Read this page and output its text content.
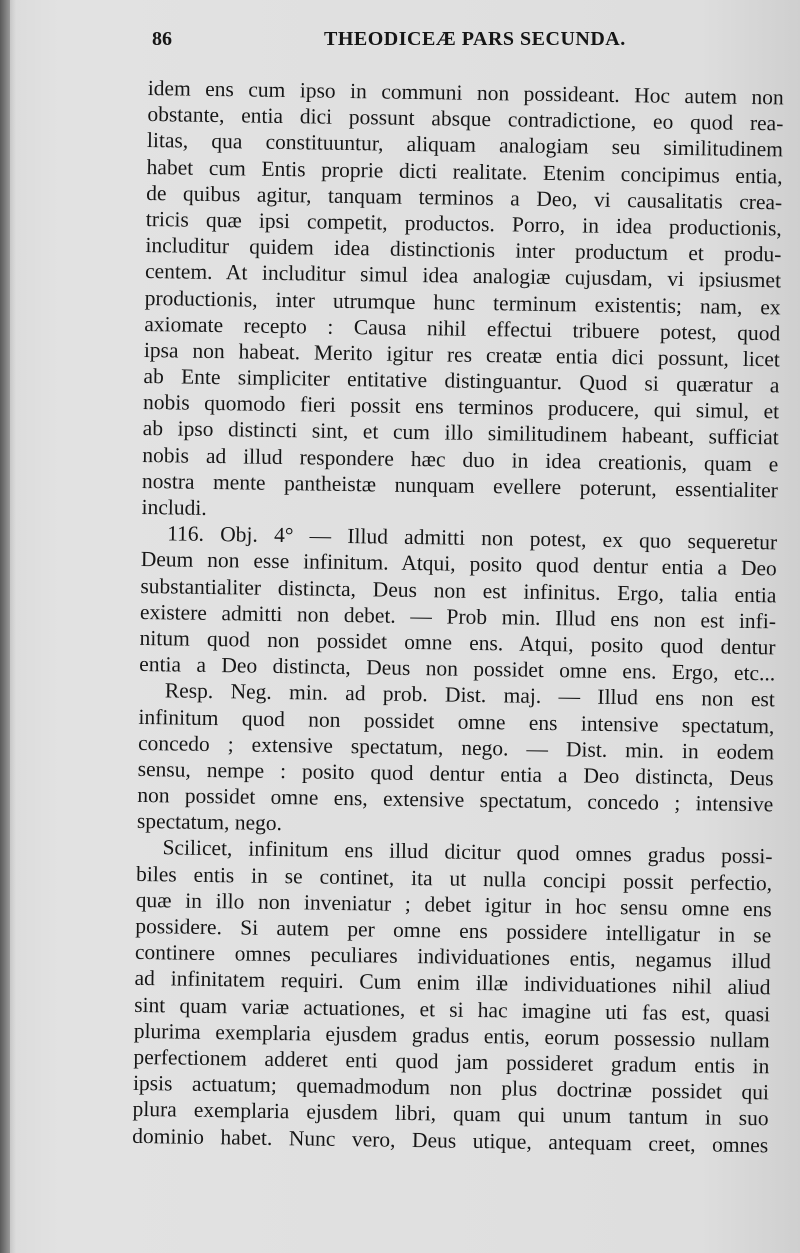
86	THEODICEÆ PARS SECUNDA.
idem ens cum ipso in communi non possideant. Hoc autem non
obstante, entia dici possunt absque contradictione, eo quod rea-
litas, qua constituuntur, aliquam analogiam seu similitudinem
habet cum Entis proprie dicti realitate. Etenim concipimus entia,
de quibus agitur, tanquam terminos a Deo, vi causalitatis crea-
tricis quæ ipsi competit, productos. Porro, in idea productionis,
includitur quidem idea distinctionis inter productum et produ-
centem. At includitur simul idea analogiæ cujusdam, vi ipsiusmet
productionis, inter utrumque hunc terminum existentis; nam, ex
axiomate recepto : Causa nihil effectui tribuere potest, quod
ipsa non habeat. Merito igitur res creatæ entia dici possunt, licet
ab Ente simpliciter entitative distinguantur. Quod si quæratur a
nobis quomodo fieri possit ens terminos producere, qui simul, et
ab ipso distincti sint, et cum illo similitudinem habeant, sufficiat
nobis ad illud respondere hæc duo in idea creationis, quam e
nostra mente pantheistæ nunquam evellere poterunt, essentialiter
includi.
116. Obj. 4° — Illud admitti non potest, ex quo sequeretur
Deum non esse infinitum. Atqui, posito quod dentur entia a Deo
substantialiter distincta, Deus non est infinitus. Ergo, talia entia
existere admitti non debet. — Prob min. Illud ens non est infi-
nitum quod non possidet omne ens. Atqui, posito quod dentur
entia a Deo distincta, Deus non possidet omne ens. Ergo, etc...
Resp. Neg. min. ad prob. Dist. maj. — Illud ens non est
infinitum quod non possidet omne ens intensive spectatum,
concedo ; extensive spectatum, nego. — Dist. min. in eodem
sensu, nempe : posito quod dentur entia a Deo distincta, Deus
non possidet omne ens, extensive spectatum, concedo ; intensive
spectatum, nego.
Scilicet, infinitum ens illud dicitur quod omnes gradus possi-
biles entis in se continet, ita ut nulla concipi possit perfectio,
quæ in illo non inveniatur ; debet igitur in hoc sensu omne ens
possidere. Si autem per omne ens possidere intelligatur in se
continere omnes peculiares individuationes entis, negamus illud
ad infinitatem requiri. Cum enim illæ individuationes nihil aliud
sint quam variæ actuationes, et si hac imagine uti fas est, quasi
plurima exemplaria ejusdem gradus entis, eorum possessio nullam
perfectionem adderet enti quod jam possideret gradum entis in
ipsis actuatum; quemadmodum non plus doctrinæ possidet qui
plura exemplaria ejusdem libri, quam qui unum tantum in suo
dominio habet. Nunc vero, Deus utique, antequam creet, omnes
